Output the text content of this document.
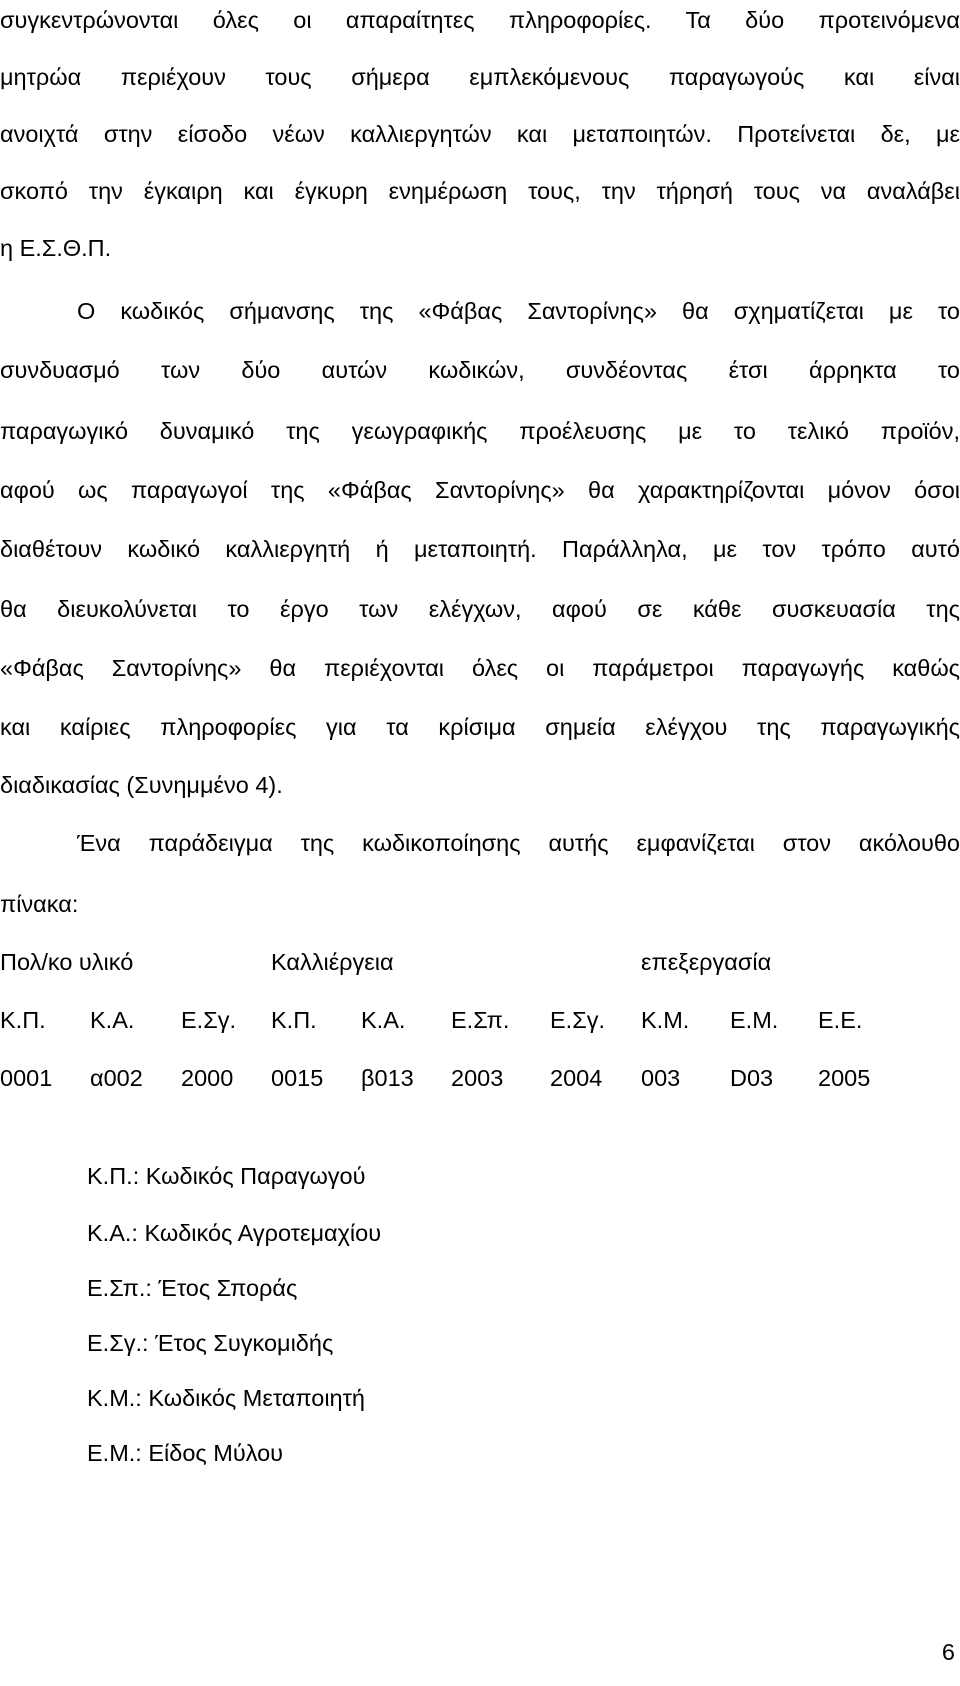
συγκεντρώνονται όλες οι απαραίτητες πληροφορίες. Τα δύο προτεινόμενα
μητρώα περιέχουν τους σήμερα εμπλεκόμενους παραγωγούς και είναι
ανοιχτά στην είσοδο νέων καλλιεργητών και μεταποιητών. Προτείνεται δε, με
σκοπό την έγκαιρη και έγκυρη ενημέρωση τους, την τήρησή τους να αναλάβει
η Ε.Σ.Θ.Π.
Ο κωδικός σήμανσης της «Φάβας Σαντορίνης» θα σχηματίζεται με το
συνδυασμό των δύο αυτών κωδικών, συνδέοντας έτσι άρρηκτα το
παραγωγικό δυναμικό της γεωγραφικής προέλευσης με το τελικό προϊόν,
αφού ως παραγωγοί της «Φάβας Σαντορίνης» θα χαρακτηρίζονται μόνον όσοι
διαθέτουν κωδικό καλλιεργητή ή μεταποιητή. Παράλληλα, με τον τρόπο αυτό
θα διευκολύνεται το έργο των ελέγχων, αφού σε κάθε συσκευασία της
«Φάβας Σαντορίνης» θα περιέχονται όλες οι παράμετροι παραγωγής καθώς
και καίριες πληροφορίες για τα κρίσιμα σημεία ελέγχου της παραγωγικής
διαδικασίας (Συνημμένο 4).
Ένα παράδειγμα της κωδικοποίησης αυτής εμφανίζεται στον ακόλουθο
πίνακα:
Πολ/κο υλικό	Καλλιέργεια	επεξεργασία
Κ.Π. Κ.Α. Ε.Σγ. Κ.Π. Κ.Α. Ε.Σπ. Ε.Σγ. Κ.Μ. Ε.Μ. Ε.Ε.
0001 α002 2000 0015 β013 2003 2004 003 D03 2005
Κ.Π.: Κωδικός Παραγωγού
Κ.Α.: Κωδικός Αγροτεμαχίου
Ε.Σπ.: Έτος Σποράς
Ε.Σγ.: Έτος Συγκομιδής
Κ.Μ.: Κωδικός Μεταποιητή
Ε.Μ.: Είδος Μύλου
6
